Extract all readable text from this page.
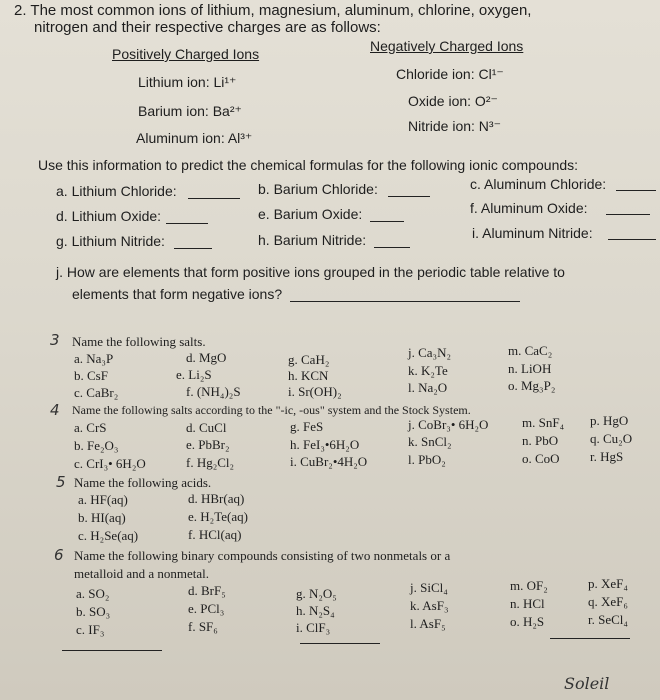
2. The most common ions of lithium, magnesium, aluminum, chlorine, oxygen,
nitrogen and their respective charges are as follows:
Positively Charged Ions	Negatively Charged Ions
Lithium ion: Li¹⁺
Barium ion: Ba²⁺
Aluminum ion: Al³⁺
Chloride ion: Cl¹⁻
Oxide ion: O²⁻
Nitride ion: N³⁻
Use this information to predict the chemical formulas for the following ionic compounds:
a. Lithium Chloride:	b. Barium Chloride:	c. Aluminum Chloride:
d. Lithium Oxide:	e. Barium Oxide:	f. Aluminum Oxide:
g. Lithium Nitride:	h. Barium Nitride:	i. Aluminum Nitride:
j. How are elements that form positive ions grouped in the periodic table relative to
elements that form negative ions?
3 Name the following salts.
a. Na₃P	d. MgO	g. CaH₂	j. Ca₃N₂	m. CaC₂
b. CsF	e. Li₂S	h. KCN	k. K₂Te	n. LiOH
c. CaBr₂	f. (NH₄)₂S	i. Sr(OH)₂	l. Na₂O	o. Mg₃P₂
4 Name the following salts according to the "-ic, -ous" system and the Stock System.
a. CrS	d. CuCl	g. FeS	j. CoBr₃• 6H₂O	m. SnF₄ p. HgO
b. Fe₂O₃	e. PbBr₂	h. FeI₃•6H₂O	k. SnCl₂	n. PbO q. Cu₂O
c. CrI₃• 6H₂O	f. Hg₂Cl₂	i. CuBr₂•4H₂O	l. PbO₂	o. CoO r. HgS
5 Name the following acids.
a. HF(aq)	d. HBr(aq)
b. HI(aq)	e. H₂Te(aq)
c. H₂Se(aq)	f. HCl(aq)
6 Name the following binary compounds consisting of two nonmetals or a
metalloid and a nonmetal.
a. SO₂	d. BrF₅	g. N₂O₅	j. SiCl₄	m. OF₂	p. XeF₄
b. SO₃	e. PCl₃	h. N₂S₄	k. AsF₃	n. HCl	q. XeF₆
c. IF₃	f. SF₆	i. ClF₃	l. AsF₅	o. H₂S	r. SeCl₄
Soleil
